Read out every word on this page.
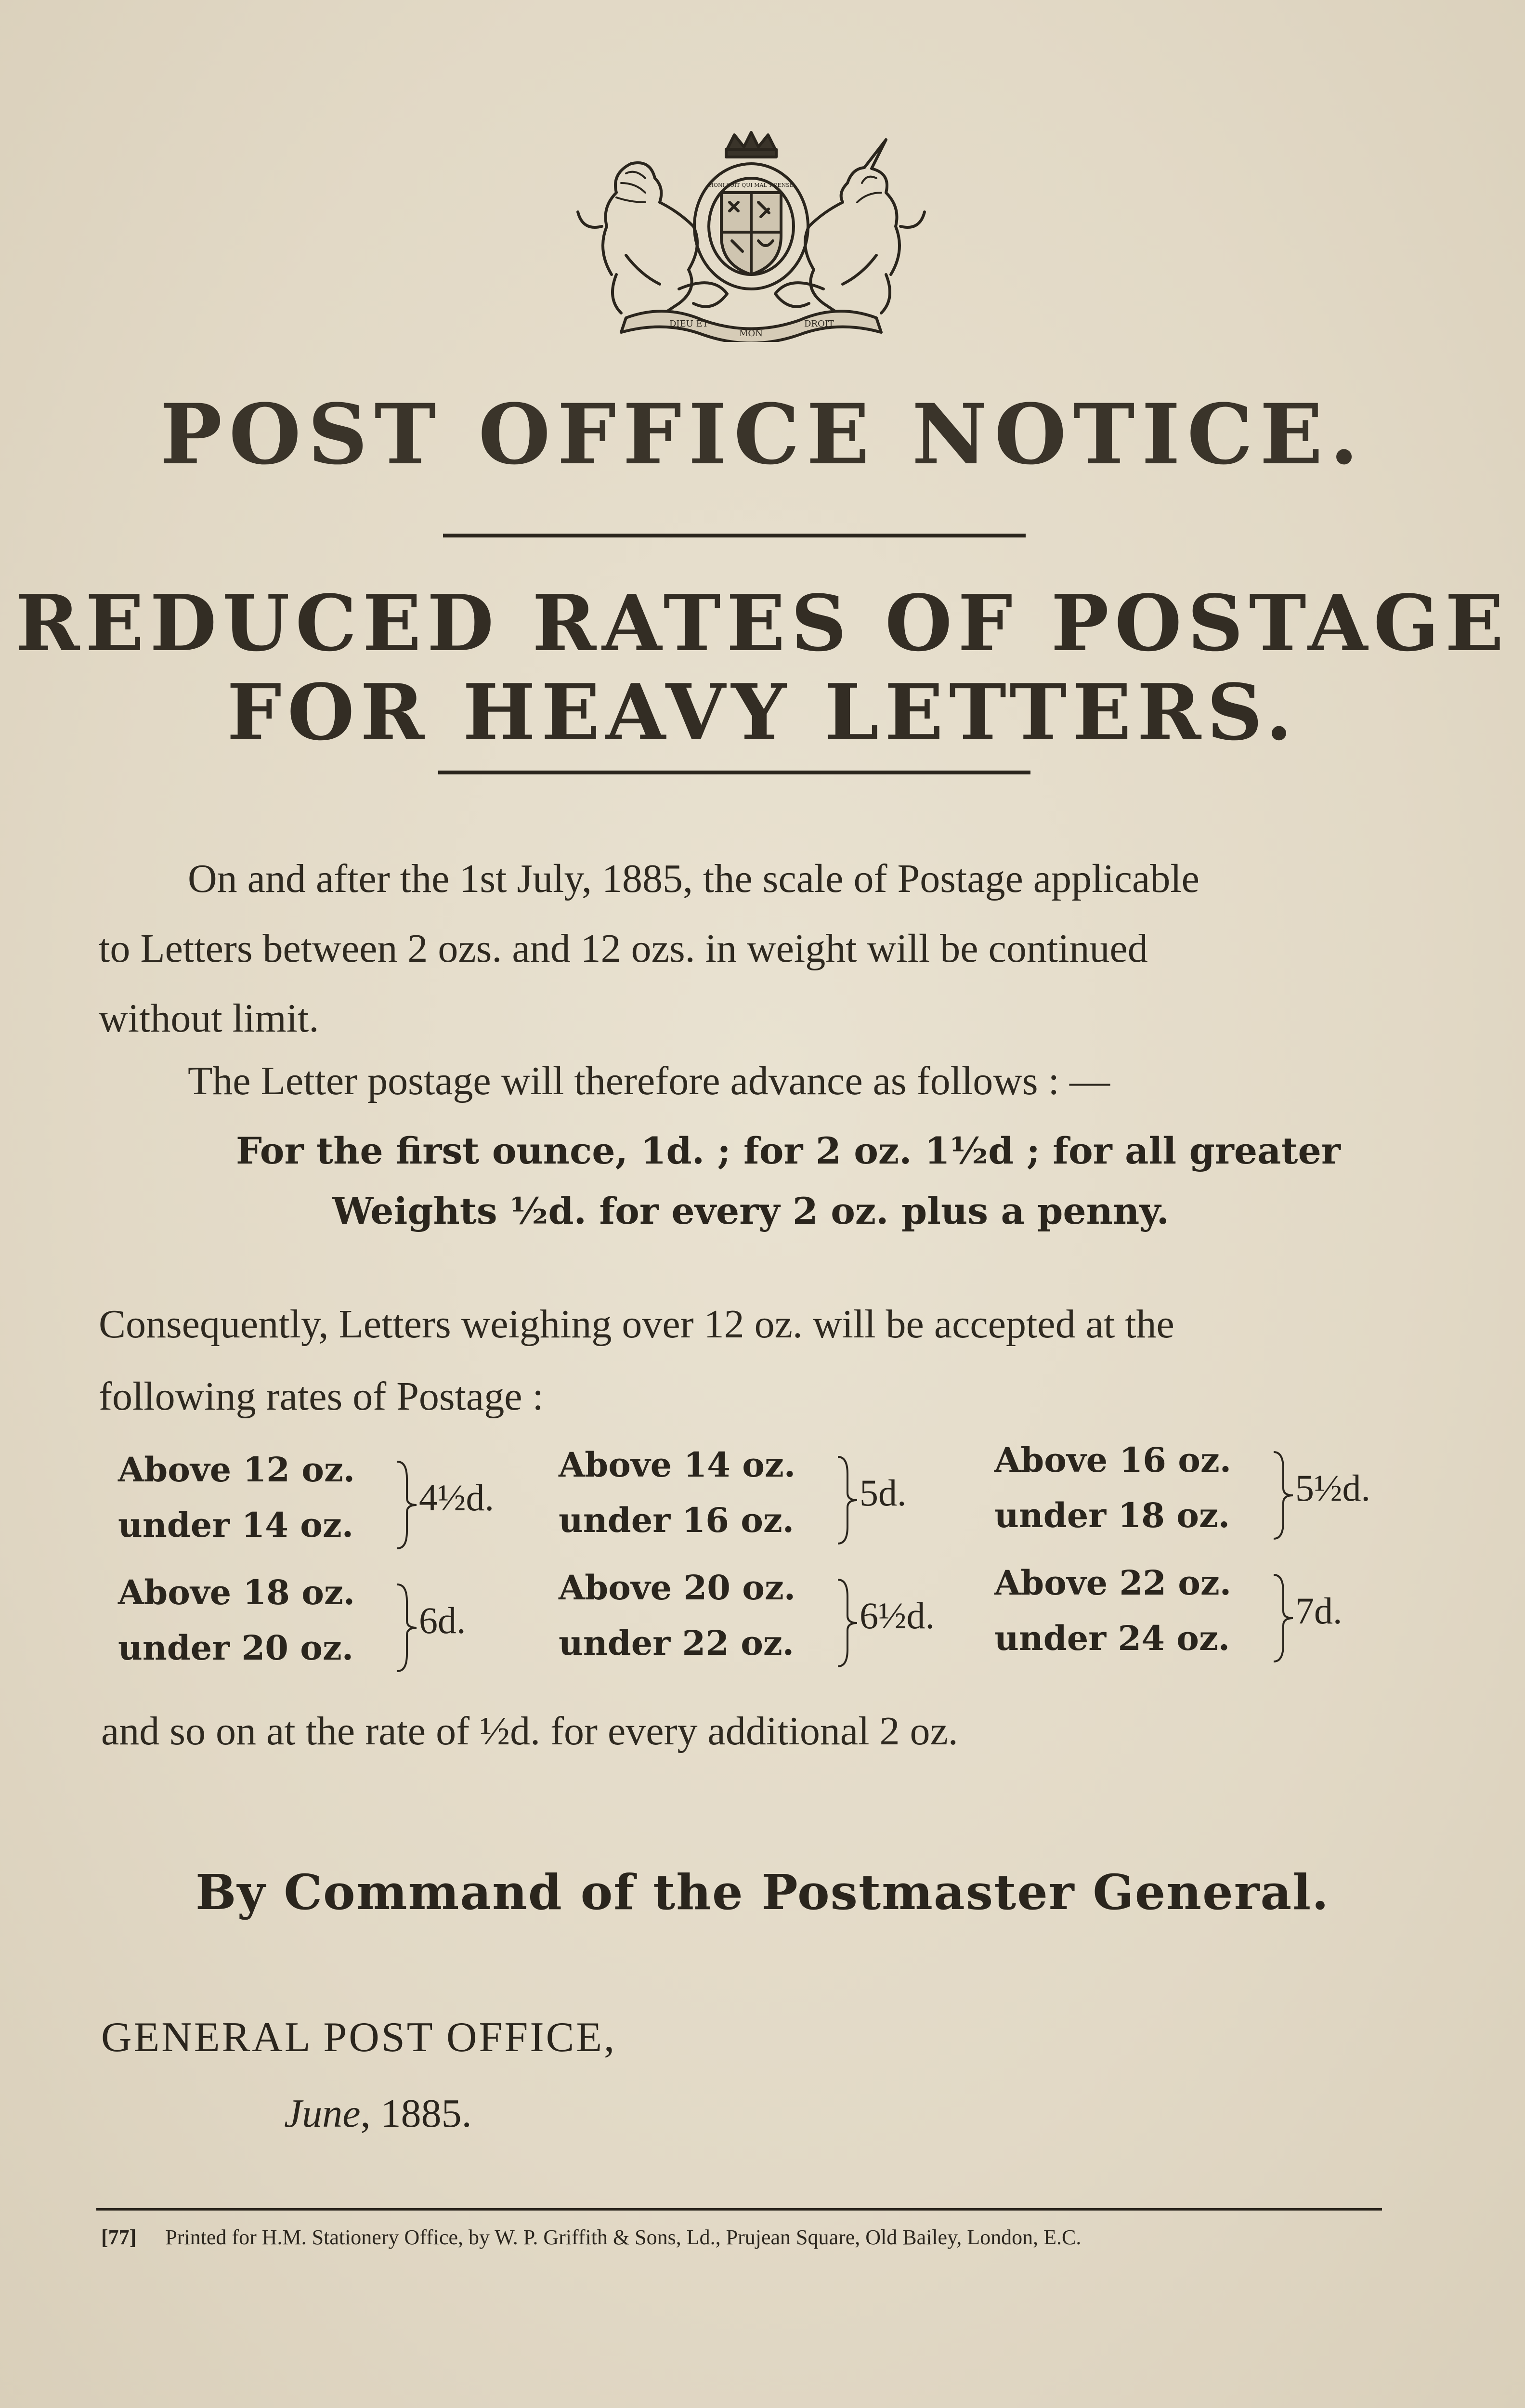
DIEU ET
MON
DROIT
HONI SOIT QUI MAL Y PENSE
POST OFFICE NOTICE.
REDUCED RATES OF POSTAGE
FOR HEAVY LETTERS.
On and after the 1st July, 1885, the scale of Postage applicable
to Letters between 2 ozs. and 12 ozs. in weight will be continued
without limit.
The Letter postage will therefore advance as follows : —
For the first ounce, 1d. ; for 2 oz. 1½d ; for all greater
Weights ½d. for every 2 oz. plus a penny.
Consequently, Letters weighing over 12 oz. will be accepted at the
following rates of Postage :
Above 12 oz.
under 14 oz.
4½d.
Above 14 oz.
under 16 oz.
5d.
Above 16 oz.
under 18 oz.
5½d.
Above 18 oz.
under 20 oz.
6d.
Above 20 oz.
under 22 oz.
6½d.
Above 22 oz.
under 24 oz.
7d.
and so on at the rate of ½d. for every additional 2 oz.
By Command of the Postmaster General.
GENERAL POST OFFICE,
June, 1885.
[77] Printed for H.M. Stationery Office, by W. P. Griffith & Sons, Ld., Prujean Square, Old Bailey, London, E.C.
